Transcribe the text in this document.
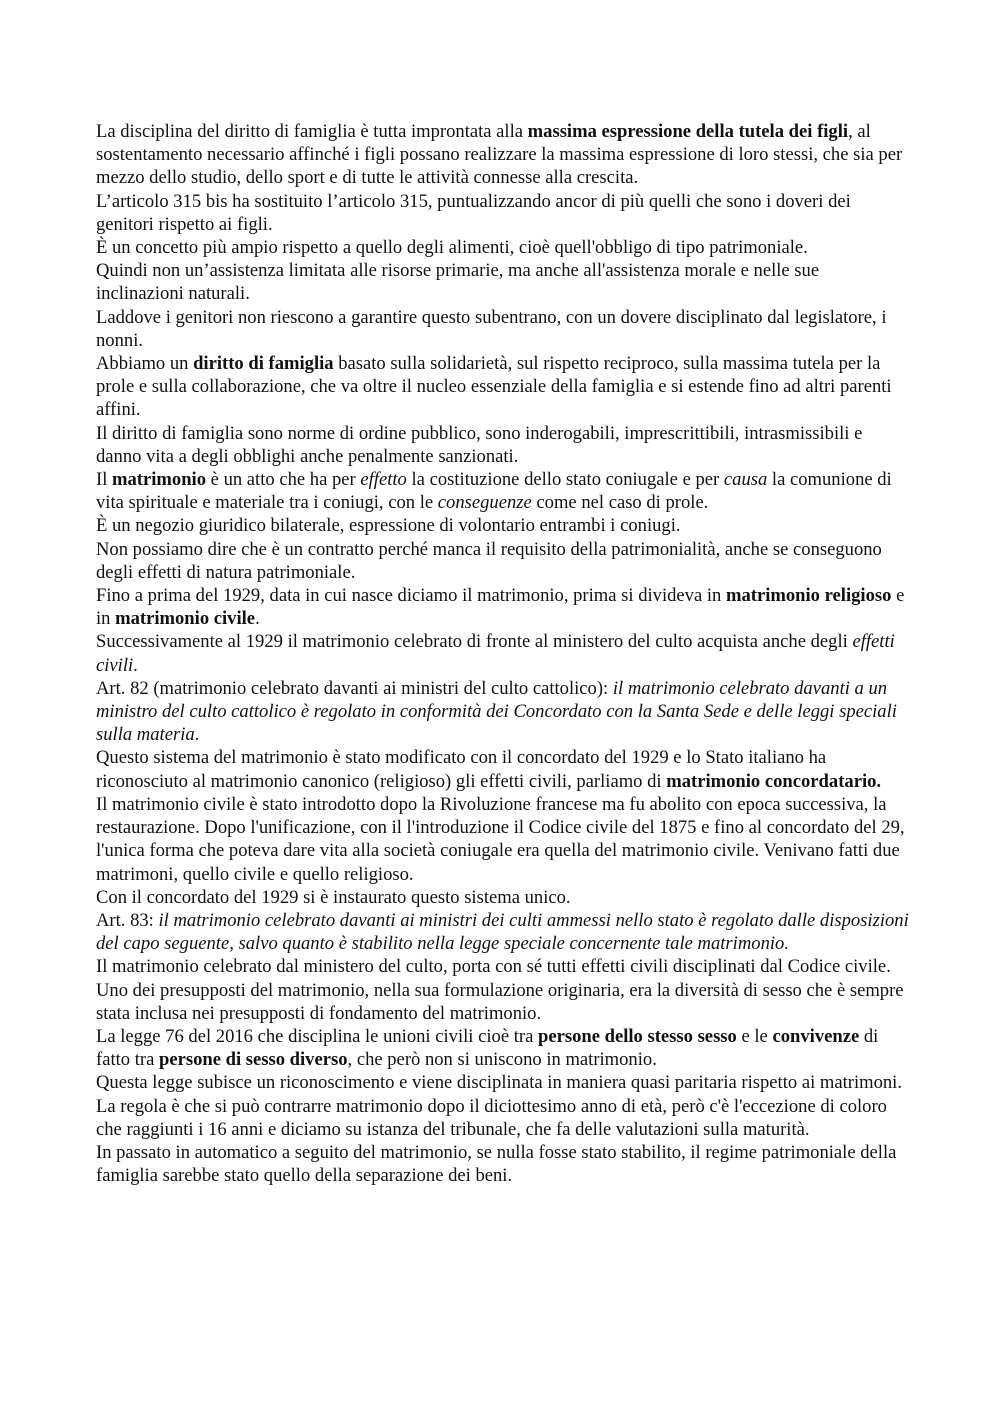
La disciplina del diritto di famiglia è tutta improntata alla massima espressione della tutela dei figli, al sostentamento necessario affinché i figli possano realizzare la massima espressione di loro stessi, che sia per mezzo dello studio, dello sport e di tutte le attività connesse alla crescita.

L’articolo 315 bis ha sostituito l’articolo 315, puntualizzando ancor di più quelli che sono i doveri dei genitori rispetto ai figli.

È un concetto più ampio rispetto a quello degli alimenti, cioè quell'obbligo di tipo patrimoniale.

Quindi non un’assistenza limitata alle risorse primarie, ma anche all'assistenza morale e nelle sue inclinazioni naturali.

Laddove i genitori non riescono a garantire questo subentrano, con un dovere disciplinato dal legislatore, i nonni.

Abbiamo un diritto di famiglia basato sulla solidarietà, sul rispetto reciproco, sulla massima tutela per la prole e sulla collaborazione, che va oltre il nucleo essenziale della famiglia e si estende fino ad altri parenti affini.

Il diritto di famiglia sono norme di ordine pubblico, sono inderogabili, imprescrittibili, intrasmissibili e danno vita a degli obblighi anche penalmente sanzionati.

Il matrimonio è un atto che ha per effetto la costituzione dello stato coniugale e per causa la comunione di vita spirituale e materiale tra i coniugi, con le conseguenze come nel caso di prole.

È un negozio giuridico bilaterale, espressione di volontario entrambi i coniugi.

Non possiamo dire che è un contratto perché manca il requisito della patrimonialità, anche se conseguono degli effetti di natura patrimoniale.

Fino a prima del 1929, data in cui nasce diciamo il matrimonio, prima si divideva in matrimonio religioso e in matrimonio civile.

Successivamente al 1929 il matrimonio celebrato di fronte al ministero del culto acquista anche degli effetti civili.

Art. 82 (matrimonio celebrato davanti ai ministri del culto cattolico): il matrimonio celebrato davanti a un ministro del culto cattolico è regolato in conformità dei Concordato con la Santa Sede e delle leggi speciali sulla materia.

Questo sistema del matrimonio è stato modificato con il concordato del 1929 e lo Stato italiano ha riconosciuto al matrimonio canonico (religioso) gli effetti civili, parliamo di matrimonio concordatario.

Il matrimonio civile è stato introdotto dopo la Rivoluzione francese ma fu abolito con epoca successiva, la restaurazione. Dopo l'unificazione, con il l'introduzione il Codice civile del 1875 e fino al concordato del 29, l'unica forma che poteva dare vita alla società coniugale era quella del matrimonio civile. Venivano fatti due matrimoni, quello civile e quello religioso.

Con il concordato del 1929 si è instaurato questo sistema unico.

Art. 83: il matrimonio celebrato davanti ai ministri dei culti ammessi nello stato è regolato dalle disposizioni del capo seguente, salvo quanto è stabilito nella legge speciale concernente tale matrimonio.

Il matrimonio celebrato dal ministero del culto, porta con sé tutti effetti civili disciplinati dal Codice civile.

Uno dei presupposti del matrimonio, nella sua formulazione originaria, era la diversità di sesso che è sempre stata inclusa nei presupposti di fondamento del matrimonio.

La legge 76 del 2016 che disciplina le unioni civili cioè tra persone dello stesso sesso e le convivenze di fatto tra persone di sesso diverso, che però non si uniscono in matrimonio.

Questa legge subisce un riconoscimento e viene disciplinata in maniera quasi paritaria rispetto ai matrimoni.

La regola è che si può contrarre matrimonio dopo il diciottesimo anno di età, però c'è l'eccezione di coloro che raggiunti i 16 anni e diciamo su istanza del tribunale, che fa delle valutazioni sulla maturità.

In passato in automatico a seguito del matrimonio, se nulla fosse stato stabilito, il regime patrimoniale della famiglia sarebbe stato quello della separazione dei beni.
